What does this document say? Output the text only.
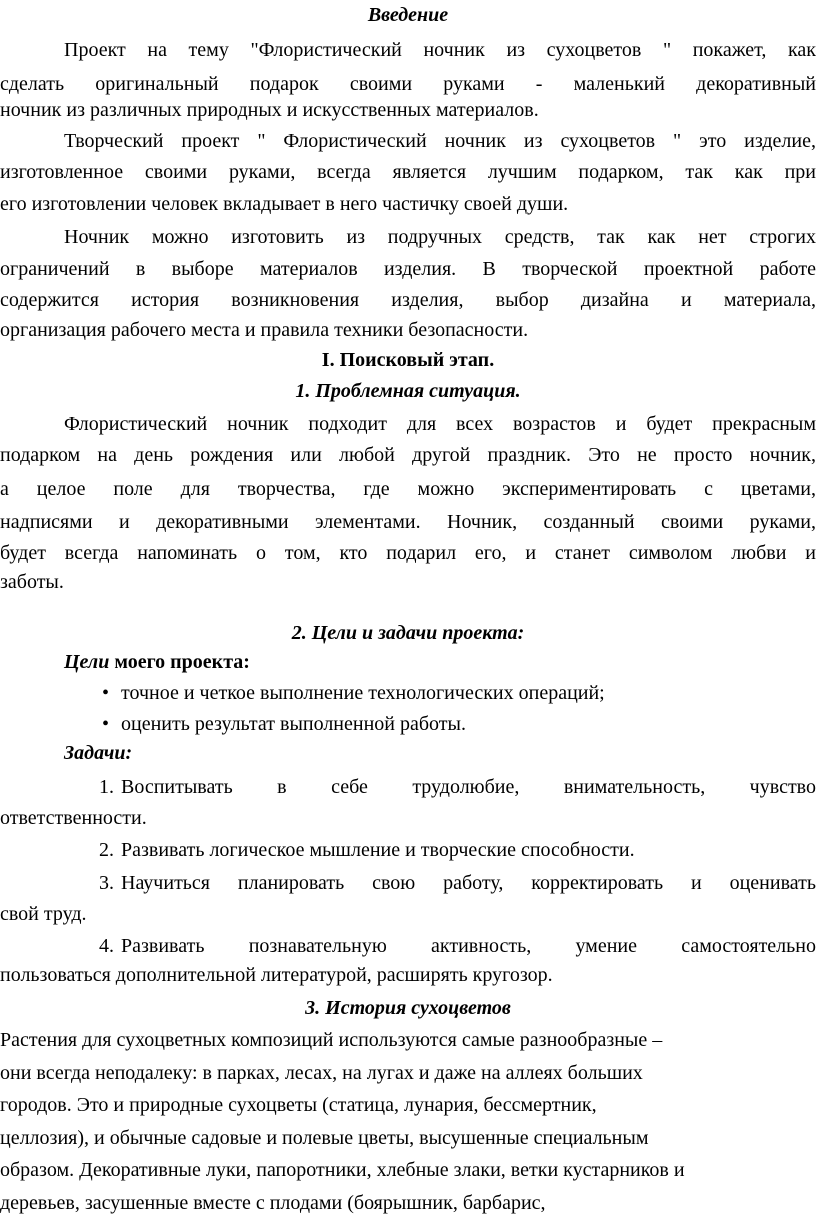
Введение
Проект на тему "Флористический ночник из сухоцветов " покажет, как
сделать оригинальный подарок своими руками - маленький декоративный
ночник из различных природных и искусственных материалов.
Творческий проект " Флористический ночник из сухоцветов " это изделие,
изготовленное своими руками, всегда является лучшим подарком, так как при
его изготовлении человек вкладывает в него частичку своей души.
Ночник можно изготовить из подручных средств, так как нет строгих
ограничений в выборе материалов изделия. В творческой проектной работе
содержится история возникновения изделия, выбор дизайна и материала,
организация рабочего места и правила техники безопасности.
I. Поисковый этап.
1. Проблемная ситуация.
Флористический ночник подходит для всех возрастов и будет прекрасным
подарком на день рождения или любой другой праздник. Это не просто ночник,
а целое поле для творчества, где можно экспериментировать с цветами,
надписями и декоративными элементами. Ночник, созданный своими руками,
будет всегда напоминать о том, кто подарил его, и станет символом любви и
заботы.
2. Цели и задачи проекта:
Цели моего проекта:
• точное и четкое выполнение технологических операций;
• оценить результат выполненной работы.
Задачи:
1. Воспитывать в себе трудолюбие, внимательность, чувство
ответственности.
2. Развивать логическое мышление и творческие способности.
3. Научиться планировать свою работу, корректировать и оценивать
свой труд.
4. Развивать познавательную активность, умение самостоятельно
пользоваться дополнительной литературой, расширять кругозор.
3. История сухоцветов
Растения для сухоцветных композиций используются самые разнообразные –
они всегда неподалеку: в парках, лесах, на лугах и даже на аллеях больших
городов. Это и природные сухоцветы (статица, лунария, бессмертник,
целлозия), и обычные садовые и полевые цветы, высушенные специальным
образом. Декоративные луки, папоротники, хлебные злаки, ветки кустарников и
деревьев, засушенные вместе с плодами (боярышник, барбарис,
